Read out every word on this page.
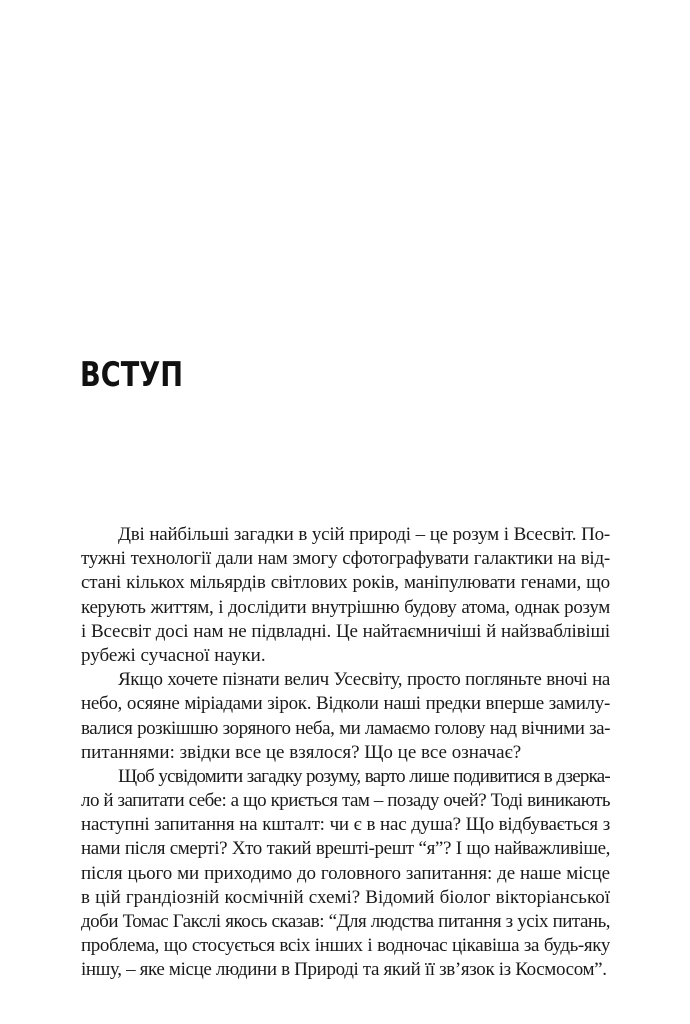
ВСТУП
Дві найбільші загадки в усій природі – це розум і Всесвіт. По-
тужні технології дали нам змогу сфотографувати галактики на від-
стані кількох мільярдів світлових років, маніпулювати генами, що
керують життям, і дослідити внутрішню будову атома, однак розум
і Всесвіт досі нам не підвладні. Це найтаємничіші й найзваблівіші
рубежі сучасної науки.
Якщо хочете пізнати велич Усесвіту, просто погляньте вночі на
небо, осяяне міріадами зірок. Відколи наші предки вперше замилу-
валися розкішшю зоряного неба, ми ламаємо голову над вічними за-
питаннями: звідки все це взялося? Що це все означає?
Щоб усвідомити загадку розуму, варто лише подивитися в дзерка-
ло й запитати себе: а що криється там – позаду очей? Тоді виникають
наступні запитання на кшталт: чи є в нас душа? Що відбувається з
нами після смерті? Хто такий врешті-решт “я”? І що найважливіше,
після цього ми приходимо до головного запитання: де наше місце
в цій грандіозній космічній схемі? Відомий біолог вікторіанської
доби Томас Гакслі якось сказав: “Для людства питання з усіх питань,
проблема, що стосується всіх інших і водночас цікавіша за будь-яку
іншу, – яке місце людини в Природі та який її зв’язок із Космосом”.
